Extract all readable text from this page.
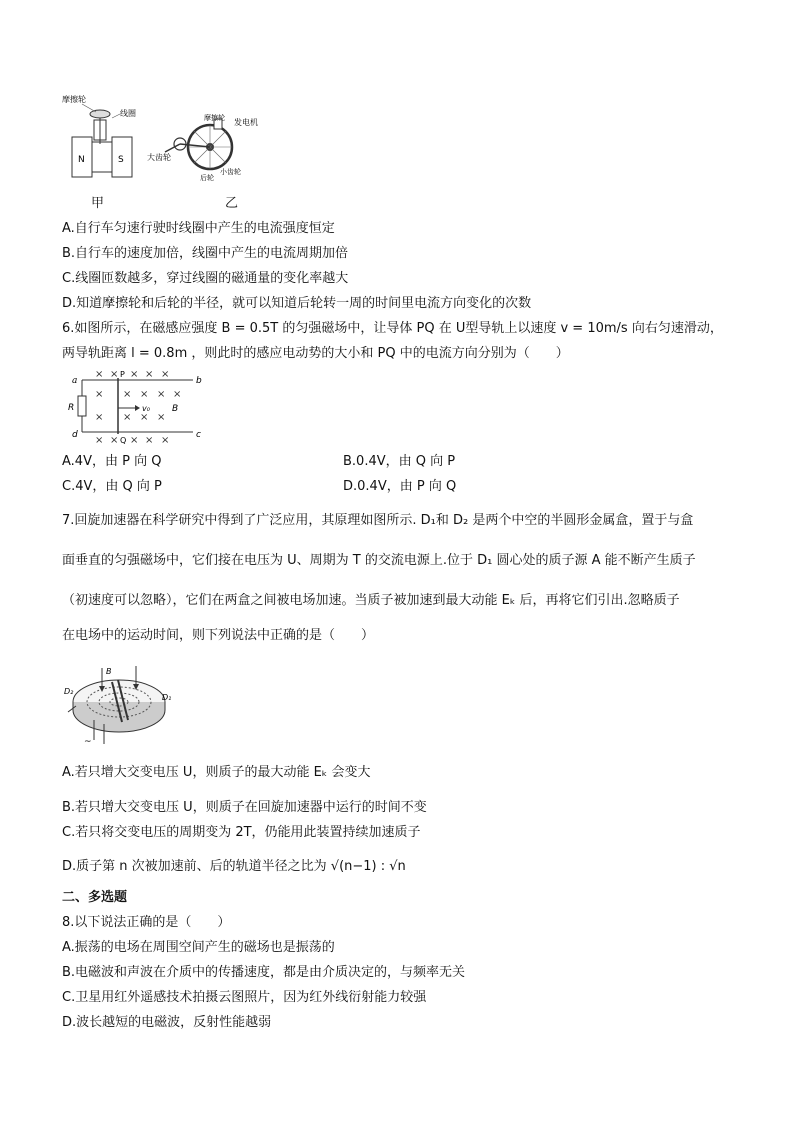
摩擦轮
线圈
N	S
摩擦轮 发电机
大齿轮
后轮
小齿轮
甲	乙
A.自行车匀速行驶时线圈中产生的电流强度恒定
B.自行车的速度加倍，线圈中产生的电流周期加倍
C.线圈匝数越多，穿过线圈的磁通量的变化率越大
D.知道摩擦轮和后轮的半径，就可以知道后轮转一周的时间里电流方向变化的次数
6.如图所示，在磁感应强度 B = 0.5T 的匀强磁场中，让导体 PQ 在 U型导轨上以速度 v = 10m/s 向右匀速滑动，
两导轨距离 l = 0.8m ，则此时的感应电动势的大小和 PQ 中的电流方向分别为（　　）
× × × × ×
× × × × ×
× × × ×
× × × × ×
a
d
b
c
R
P
Q
v₀ B
A.4V，由 P 向 Q	B.0.4V，由 Q 向 P
C.4V，由 Q 向 P	D.0.4V，由 P 向 Q
7.回旋加速器在科学研究中得到了广泛应用，其原理如图所示. D₁和 D₂ 是两个中空的半圆形金属盒，置于与盒
面垂直的匀强磁场中，它们接在电压为 U、周期为 T 的交流电源上.位于 D₁ 圆心处的质子源 A 能不断产生质子
（初速度可以忽略），它们在两盒之间被电场加速。当质子被加速到最大动能 Eₖ 后，再将它们引出.忽略质子
在电场中的运动时间，则下列说法中正确的是（　　）
B
D₂
D₁
~
A.若只增大交变电压 U，则质子的最大动能 Eₖ 会变大
B.若只增大交变电压 U，则质子在回旋加速器中运行的时间不变
C.若只将交变电压的周期变为 2T，仍能用此装置持续加速质子
D.质子第 n 次被加速前、后的轨道半径之比为 √(n−1) : √n
二、多选题
8.以下说法正确的是（　　）
A.振荡的电场在周围空间产生的磁场也是振荡的
B.电磁波和声波在介质中的传播速度，都是由介质决定的，与频率无关
C.卫星用红外遥感技术拍摄云图照片，因为红外线衍射能力较强
D.波长越短的电磁波，反射性能越弱
